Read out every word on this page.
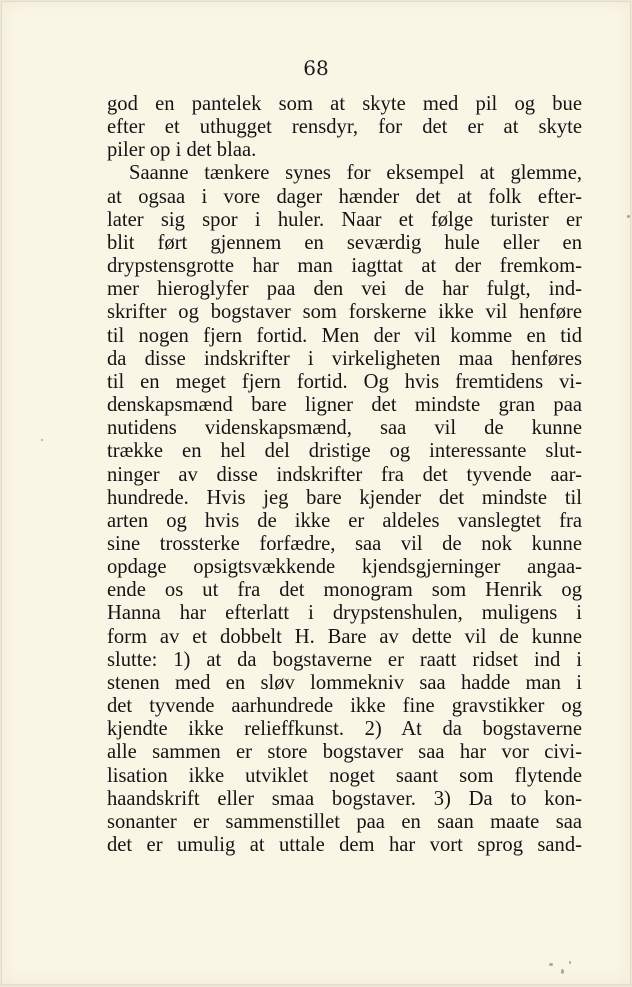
68
god en pantelek som at skyte med pil og bue
efter et uthugget rensdyr, for det er at skyte
piler op i det blaa.
Saanne tænkere synes for eksempel at glemme,
at ogsaa i vore dager hænder det at folk efter-
later sig spor i huler. Naar et følge turister er
blit ført gjennem en seværdig hule eller en
drypstensgrotte har man iagttat at der fremkom-
mer hieroglyfer paa den vei de har fulgt, ind-
skrifter og bogstaver som forskerne ikke vil henføre
til nogen fjern fortid. Men der vil komme en tid
da disse indskrifter i virkeligheten maa henføres
til en meget fjern fortid. Og hvis fremtidens vi-
denskapsmænd bare ligner det mindste gran paa
nutidens videnskapsmænd, saa vil de kunne
trække en hel del dristige og interessante slut-
ninger av disse indskrifter fra det tyvende aar-
hundrede. Hvis jeg bare kjender det mindste til
arten og hvis de ikke er aldeles vanslegtet fra
sine trossterke forfædre, saa vil de nok kunne
opdage opsigtsvækkende kjendsgjerninger angaa-
ende os ut fra det monogram som Henrik og
Hanna har efterlatt i drypstenshulen, muligens i
form av et dobbelt H. Bare av dette vil de kunne
slutte: 1) at da bogstaverne er raatt ridset ind i
stenen med en sløv lommekniv saa hadde man i
det tyvende aarhundrede ikke fine gravstikker og
kjendte ikke relieffkunst. 2) At da bogstaverne
alle sammen er store bogstaver saa har vor civi-
lisation ikke utviklet noget saant som flytende
haandskrift eller smaa bogstaver. 3) Da to kon-
sonanter er sammenstillet paa en saan maate saa
det er umulig at uttale dem har vort sprog sand-
